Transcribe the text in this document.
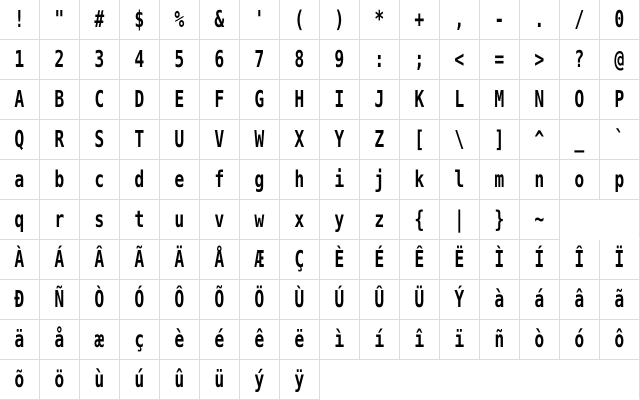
! " # $ % & ' ( ) * + , - . / 0
1 2 3 4 5 6 7 8 9 : ; < = > ? @
A B C D E F G H I J K L M N O P
Q R S T U V W X Y Z [ \ ] ^ _ `
a b c d e f g h i j k l m n o p
q r s t u v w x y z { | } ~
À Á Â Ã Ä Å Æ Ç È É Ê Ë Ì Í Î Ï
Ð Ñ Ò Ó Ô Õ Ö Ù Ú Û Ü Ý à á â ã
ä å æ ç è é ê ë ì í î ï ñ ò ó ô
õ ö ù ú û ü ý ÿ
